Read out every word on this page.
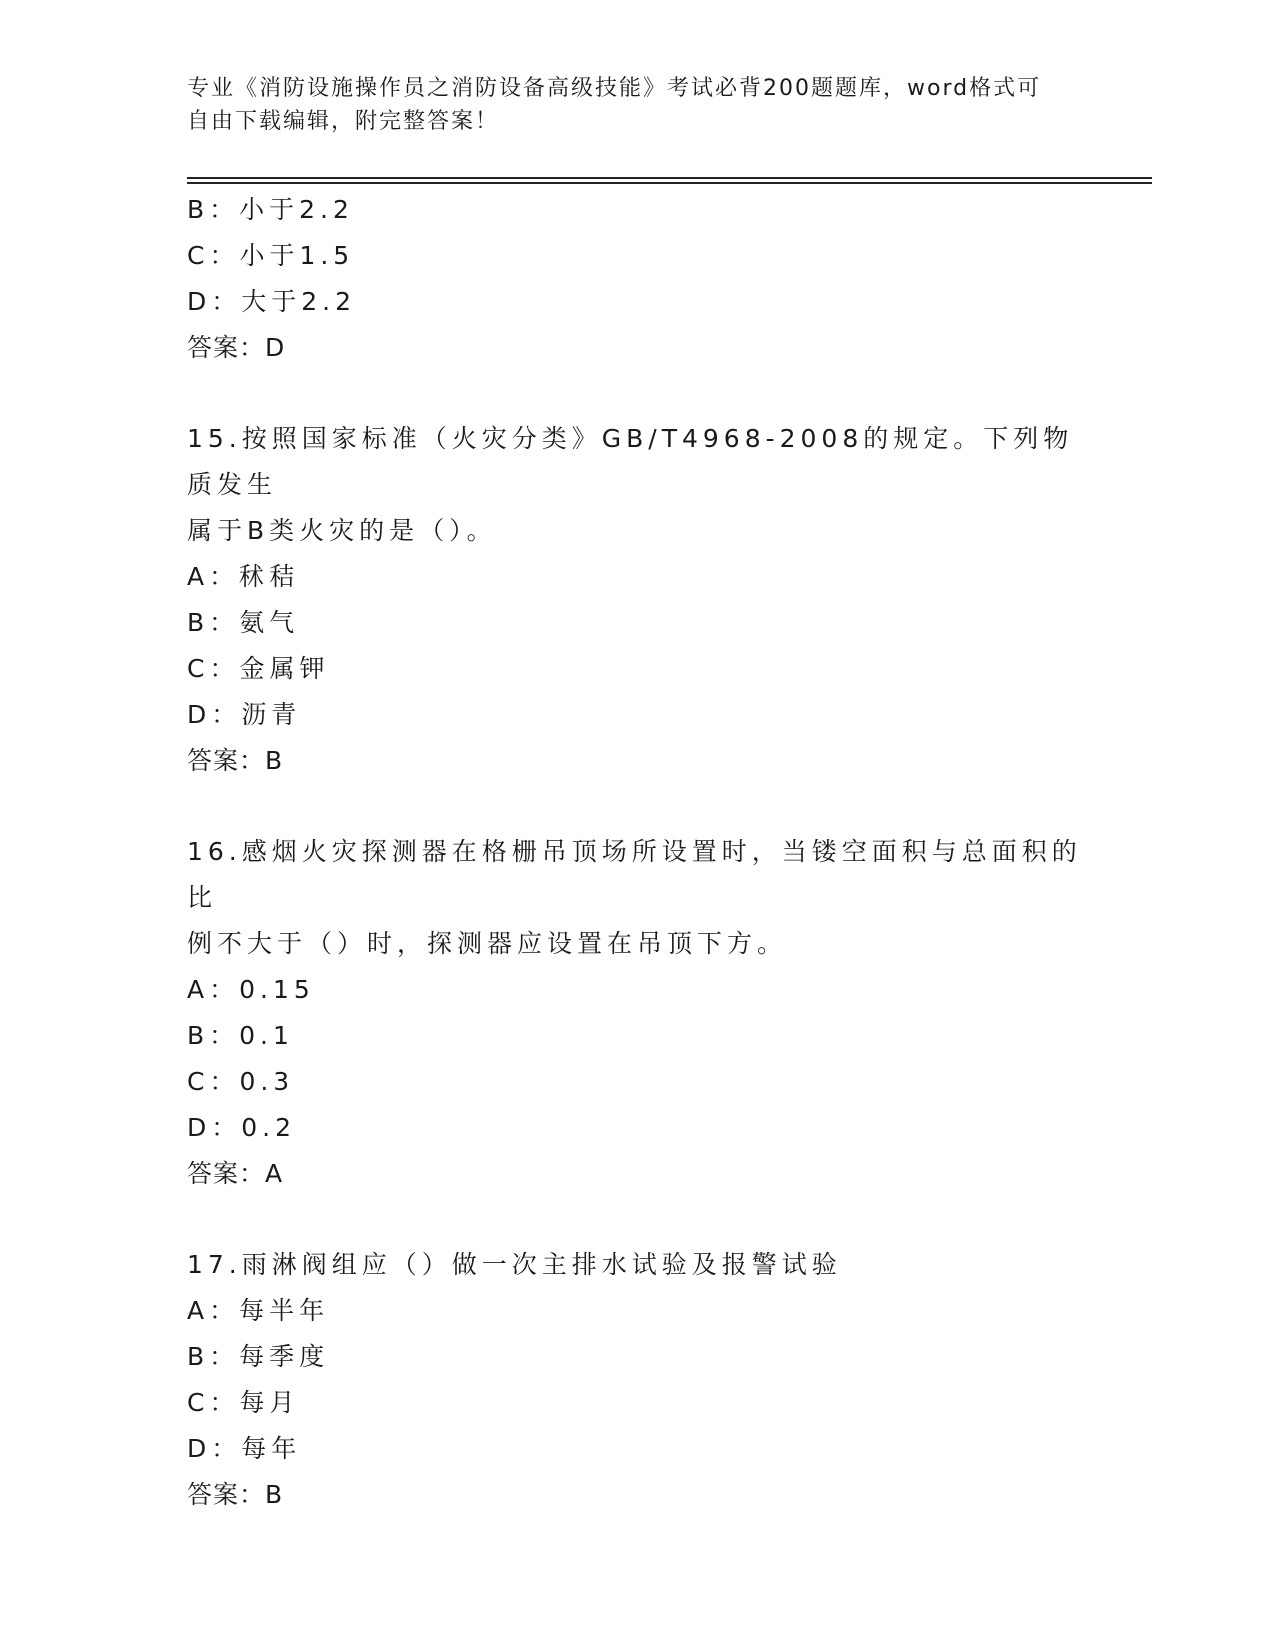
专业《消防设施操作员之消防设备高级技能》考试必背200题题库，word格式可
自由下载编辑，附完整答案！
B：小于2.2
C：小于1.5
D：大于2.2
答案：D
15.按照国家标准（火灾分类》GB/T4968-2008的规定。下列物质发生
属于B类火灾的是（）。
A：秫秸
B：氨气
C：金属钾
D：沥青
答案：B
16.感烟火灾探测器在格栅吊顶场所设置时，当镂空面积与总面积的比
例不大于（）时，探测器应设置在吊顶下方。
A：0.15
B：0.1
C：0.3
D：0.2
答案：A
17.雨淋阀组应（）做一次主排水试验及报警试验
A：每半年
B：每季度
C：每月
D：每年
答案：B
